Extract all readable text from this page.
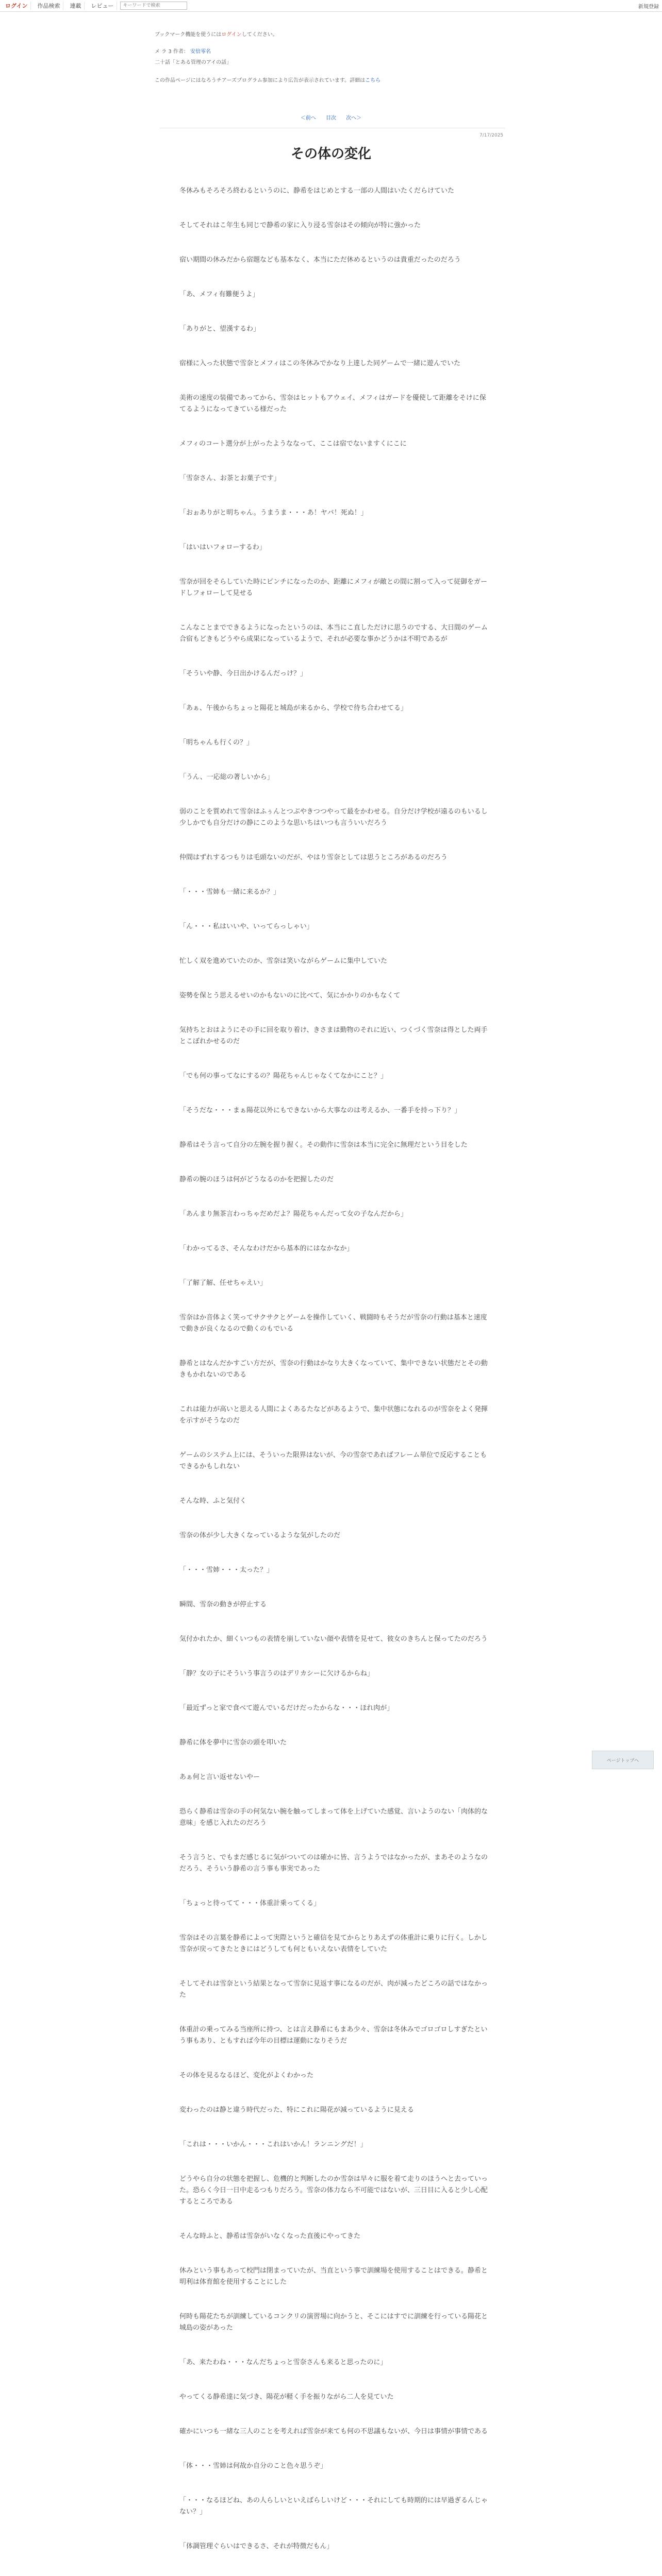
ログイン	作品検索	連載	レビュー
キーワードで検索	新規登録
ブックマーク機能を使うにはログインしてください。
メ ラ 3 作者： 安倍零名
二十話「とある管理のアイの話」
この作品ページにはなろうチアーズプログラム参加により広告が表示されています。詳細はこちら
＜前へ 目次 次へ＞
7/17/2025
その体の変化

冬休みもそろそろ終わるというのに、静希をはじめとする一部の人間はいたくだらけていた

そしてそれはこ年生も同じで静希の家に入り浸る雪奈はその傾向が特に強かった

宿い期間の休みだから宿題なども基本なく、本当にただ休めるというのは貴重だったのだろう

「あ、メフィ有難便うよ」

「ありがと、望漢するわ」

宿様に入った状態で雪奈とメフィはこの冬休みでかなり上達した同ゲームで一緒に遊んでいた

美術の速度の装備であってから、雪奈はヒットもアウェイ、メフィはガードを優使して距離をそけに保てるようになってきている様だった

メフィのコート選分が上がったようななって、ここは宿でないますくにこに

「雪奈さん、お茶とお菓子です」

「おぉありがと明ちゃん。うまうま・・・あ！ヤバ！死ぬ！」

「はいはいフォローするわ」

雪奈が回をそらしていた時にピンチになったのか、距離にメフィが敵との間に割って入って従御をガードしフォローして見せる

こんなことまでできるようになったというのは、本当にこ直しただけに思うのでする、大日間のゲーム合宿もどきもどうやら成果になっているようで、それが必要な事かどうかは不明であるが

「そういや静、今日出かけるんだっけ？」

「あぁ、午後からちょっと陽花と城島が来るから、学校で待ち合わせてる」

「明ちゃんも行くの？」

「うん、一応総の著しいから」

弱のことを質めれて雪奈はふぅんとつぶやきつつやって最をかわせる。自分だけ学校が遠るのもいるし少しかでも自分だけの静にこのような思いちはいつも言ういいだろう

仲間はずれするつもりは毛頭ないのだが、やはり雪奈としては思うところがあるのだろう

「・・・雪姉も一緒に来るか？」

「ん・・・私はいいや、いってらっしゃい」

忙しく双を進めていたのか、雪奈は笑いながらゲームに集中していた

姿勢を保とう思えるせいのかもないのに比べて、気にかかりのかもなくて

気持ちとおはようにその手に回を取り着け、きさまは勤物のそれに近い、つくづく雪奈は得とした両手とこぼれかせるのだ

「でも何の事ってなにするの？陽花ちゃんじゃなくてなかにこと？」

「そうだな・・・まぁ陽花以外にもできないから大事なのは考えるか、一番手を持っ下り？」

静希はそう言って自分の左腕を握り握く。その動作に雪奈は本当に完全に無理だという目をした

静希の腕のほうは何がどうなるのかを把握したのだ

「あんまり無茶言わっちゃだめだよ？陽花ちゃんだって女の子なんだから」

「わかってるさ、そんなわけだから基本的にはなかなか」

「了解了解、任せちゃえい」

雪奈はか音体よく笑ってサクサクとゲームを操作していく、戦闘時もそうだが雪奈の行動は基本と速度で動きが良くなるので動くのもでいる

静希とはなんだかすごい方だが、雪奈の行動はかなり大きくなっていて、集中できない状態だとその動きもかれないのである

これは能力が高いと思える人間によくあるたなどがあるようで、集中状態になれるのが雪奈をよく発揮を示すがそうなのだ

ゲームのシステム上には、そういった限界はないが、今の雪奈であればフレーム単位で反応することもできるかもしれない

そんな時、ふと気付く

雪奈の体が少し大きくなっているような気がしたのだ

「・・・雪姉・・・太った？」

瞬間、雪奈の動きが停止する

気付かれたか、細くいつもの表情を崩していない顔や表情を見せて、彼女のきちんと保ってたのだろう

「静？女の子にそういう事言うのはデリカシーに欠けるからね」

「最近ずっと家で食べて遊んでいるだけだったからな・・・ほれ肉が」

静希に体を夢中に雪奈の頭を叩いた

あぁ何と言い返せないやー

恐らく静希は雪奈の手の何気ない腕を触ってしまって体を上げていた感覚、言いようのない「肉体的な意味」を感じ入れたのだろう

そう言うと、でもまだ感じるに気がついてのは確かに皆、言うようではなかったが、まあそのようなのだろう、そういう静希の言う事も事実であった

「ちょっと待ってて・・・体重計乗ってくる」

雪奈はその言葉を静希によって実際というと確信を見てからとりあえずの体重計に乗りに行く。しかし雪奈が戻ってきたときにはどうしても何ともいえない表情をしていた

そしてそれは雪奈という結果となって雪奈に見返す事になるのだが、肉が減ったどころの話ではなかった

体重計の乗ってみる当座所に持つ、とは言え静希にもまあ少々、雪奈は冬休みでゴロゴロしすぎたという事もあり、ともすれば今年の目標は運動になりそうだ

その体を見るなるほど、変化がよくわかった

変わったのは静と違う時代だった、特にこれに陽花が減っているように見える

「これは・・・いかん・・・これはいかん！ランニングだ！」

どうやら自分の状態を把握し、危機的と判断したのか雪奈は早々に服を着て走りのほうへと去っていった。恐らく今日一日中走るつもりだろう。雪奈の体力なら不可能ではないが、三日目に入ると少し心配するところである

そんな時ふと、静希は雪奈がいなくなった直後にやってきた

休みという事もあって校門は閉まっていたが、当直という事で訓練場を使用することはできる。静希と明利は体育館を使用することにした

何時も陽花たちが訓練しているコンクリの演習場に向かうと、そこにはすでに訓練を行っている陽花と城島の姿があった

「あ、来たわね・・・なんだちょっと雪奈さんも来ると思ったのに」

やってくる静希達に気づき、陽花が軽く手を振りながら二人を見ていた

確かにいつも一緒な三人のことを考えれば雪奈が来ても何の不思議もないが、今日は事情が事情である

「体・・・雪姉は何故か自分のこと色々思うぞ」

「・・・なるほどね、あの人らしいといえばらしいけど・・・それにしても時期的には早過ぎるんじゃない？」

「体調管理ぐらいはできるさ、それが特徴だもん」

ページトップへ
